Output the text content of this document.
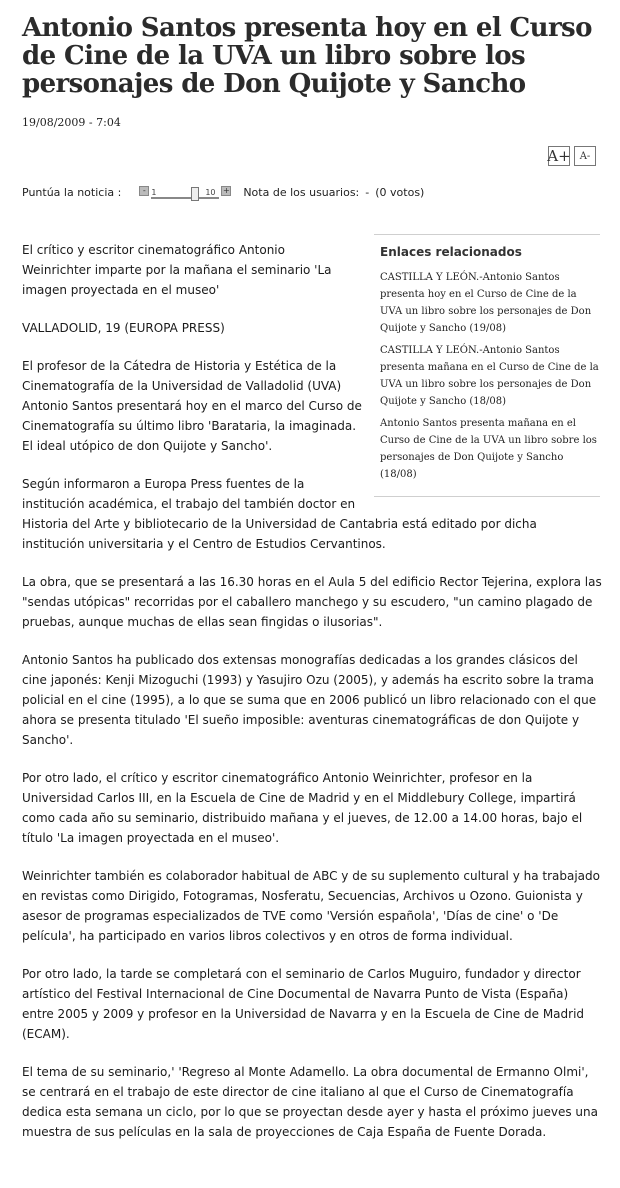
Antonio Santos presenta hoy en el Curso de Cine de la UVA un libro sobre los personajes de Don Quijote y Sancho
19/08/2009 - 7:04
A+ A-
Puntúa la noticia :	- 1	10 + Nota de los usuarios: - (0 votos)
Enlaces relacionados
CASTILLA Y LEÓN.-Antonio Santos presenta hoy en el Curso de Cine de la UVA un libro sobre los personajes de Don Quijote y Sancho (19/08)
CASTILLA Y LEÓN.-Antonio Santos presenta mañana en el Curso de Cine de la UVA un libro sobre los personajes de Don Quijote y Sancho (18/08)
Antonio Santos presenta mañana en el Curso de Cine de la UVA un libro sobre los personajes de Don Quijote y Sancho (18/08)

El crítico y escritor cinematográfico Antonio Weinrichter imparte por la mañana el seminario 'La imagen proyectada en el museo'

VALLADOLID, 19 (EUROPA PRESS)

El profesor de la Cátedra de Historia y Estética de la Cinematografía de la Universidad de Valladolid (UVA) Antonio Santos presentará hoy en el marco del Curso de Cinematografía su último libro 'Barataria, la imaginada. El ideal utópico de don Quijote y Sancho'.

Según informaron a Europa Press fuentes de la institución académica, el trabajo del también doctor en Historia del Arte y bibliotecario de la Universidad de Cantabria está editado por dicha institución universitaria y el Centro de Estudios Cervantinos.

La obra, que se presentará a las 16.30 horas en el Aula 5 del edificio Rector Tejerina, explora las "sendas utópicas" recorridas por el caballero manchego y su escudero, "un camino plagado de pruebas, aunque muchas de ellas sean fingidas o ilusorias".

Antonio Santos ha publicado dos extensas monografías dedicadas a los grandes clásicos del cine japonés: Kenji Mizoguchi (1993) y Yasujiro Ozu (2005), y además ha escrito sobre la trama policial en el cine (1995), a lo que se suma que en 2006 publicó un libro relacionado con el que ahora se presenta titulado 'El sueño imposible: aventuras cinematográficas de don Quijote y Sancho'.

Por otro lado, el crítico y escritor cinematográfico Antonio Weinrichter, profesor en la Universidad Carlos III, en la Escuela de Cine de Madrid y en el Middlebury College, impartirá como cada año su seminario, distribuido mañana y el jueves, de 12.00 a 14.00 horas, bajo el título 'La imagen proyectada en el museo'.

Weinrichter también es colaborador habitual de ABC y de su suplemento cultural y ha trabajado en revistas como Dirigido, Fotogramas, Nosferatu, Secuencias, Archivos u Ozono. Guionista y asesor de programas especializados de TVE como 'Versión española', 'Días de cine' o 'De película', ha participado en varios libros colectivos y en otros de forma individual.

Por otro lado, la tarde se completará con el seminario de Carlos Muguiro, fundador y director artístico del Festival Internacional de Cine Documental de Navarra Punto de Vista (España) entre 2005 y 2009 y profesor en la Universidad de Navarra y en la Escuela de Cine de Madrid (ECAM).

El tema de su seminario,' 'Regreso al Monte Adamello. La obra documental de Ermanno Olmi', se centrará en el trabajo de este director de cine italiano al que el Curso de Cinematografía dedica esta semana un ciclo, por lo que se proyectan desde ayer y hasta el próximo jueves una muestra de sus películas en la sala de proyecciones de Caja España de Fuente Dorada.
